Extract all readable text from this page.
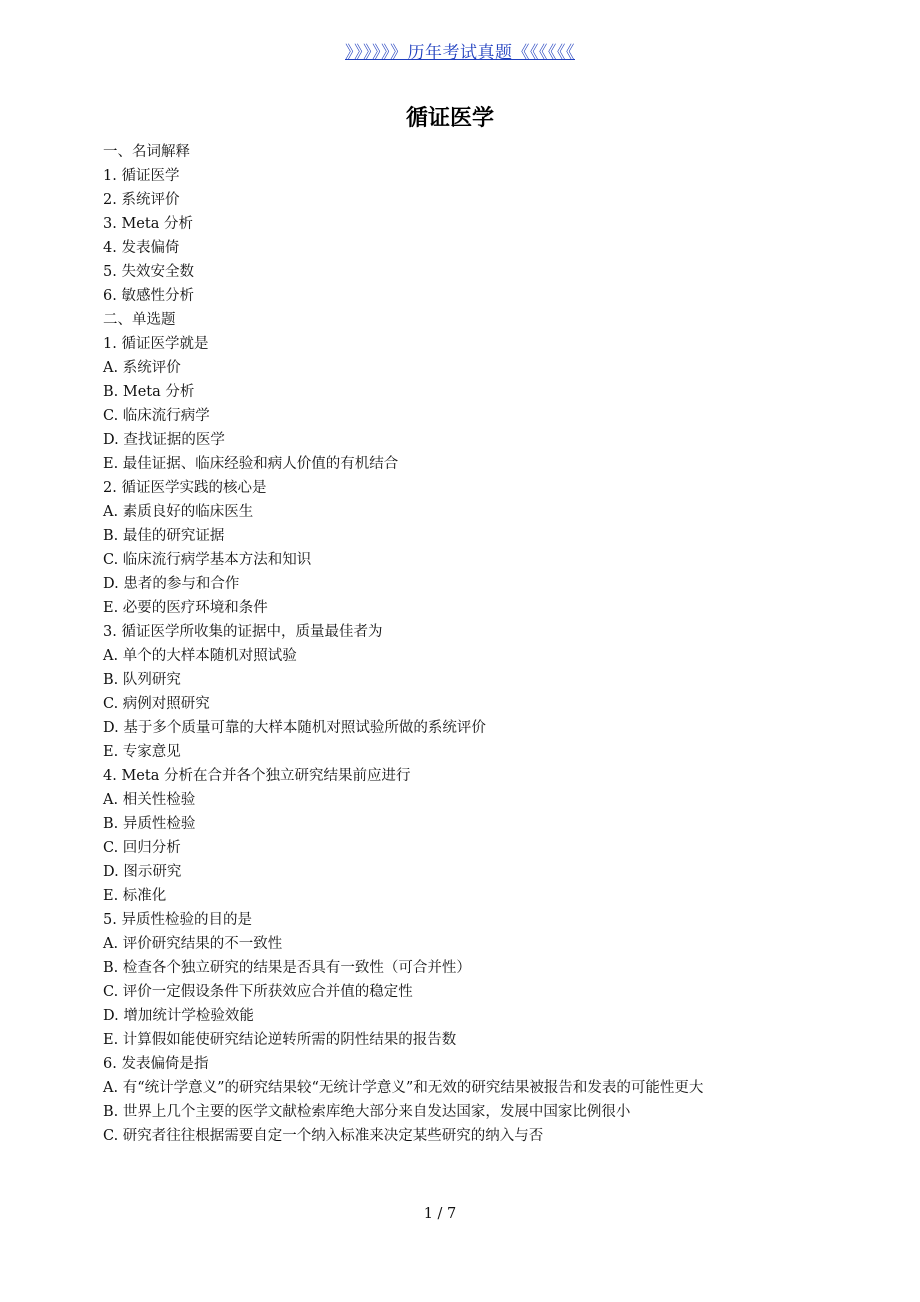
》》》》》》历年考试真题《《《《《《
循证医学
一、名词解释
1. 循证医学
2. 系统评价
3. Meta 分析
4. 发表偏倚
5. 失效安全数
6. 敏感性分析
二、单选题
1. 循证医学就是
A. 系统评价
B. Meta 分析
C. 临床流行病学
D. 查找证据的医学
E. 最佳证据、临床经验和病人价值的有机结合
2. 循证医学实践的核心是
A. 素质良好的临床医生
B. 最佳的研究证据
C. 临床流行病学基本方法和知识
D. 患者的参与和合作
E. 必要的医疗环境和条件
3. 循证医学所收集的证据中，质量最佳者为
A. 单个的大样本随机对照试验
B. 队列研究
C. 病例对照研究
D. 基于多个质量可靠的大样本随机对照试验所做的系统评价
E. 专家意见
4. Meta 分析在合并各个独立研究结果前应进行
A. 相关性检验
B. 异质性检验
C. 回归分析
D. 图示研究
E. 标准化
5. 异质性检验的目的是
A. 评价研究结果的不一致性
B. 检查各个独立研究的结果是否具有一致性（可合并性）
C. 评价一定假设条件下所获效应合并值的稳定性
D. 增加统计学检验效能
E. 计算假如能使研究结论逆转所需的阴性结果的报告数
6. 发表偏倚是指
A. 有“统计学意义”的研究结果较“无统计学意义”和无效的研究结果被报告和发表的可能性更大
B. 世界上几个主要的医学文献检索库绝大部分来自发达国家，发展中国家比例很小
C. 研究者往往根据需要自定一个纳入标准来决定某些研究的纳入与否
1 / 7
